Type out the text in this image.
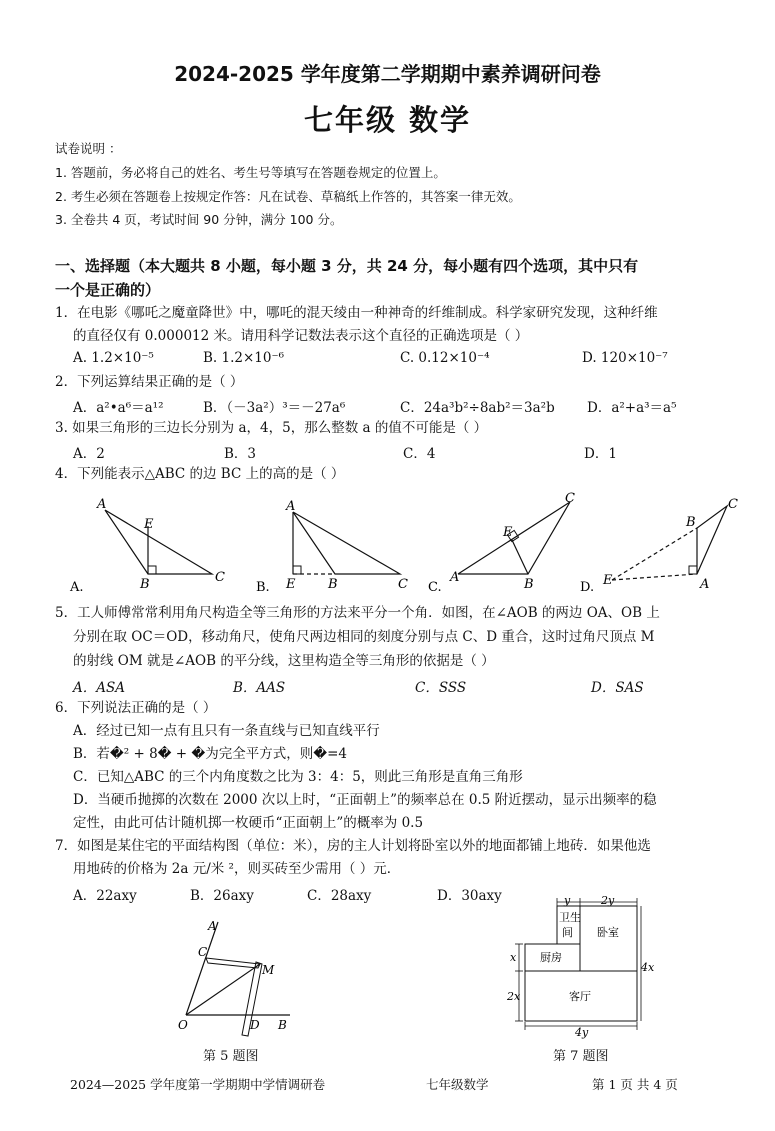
2024-2025 学年度第二学期期中素养调研问卷
七年级 数学
试卷说明 ：
1. 答题前，务必将自己的姓名、考生号等填写在答题卷规定的位置上。
2. 考生必须在答题卷上按规定作答：凡在试卷、草稿纸上作答的，其答案一律无效。
3. 全卷共 4 页，考试时间 90 分钟，满分 100 分。
一、选择题（本大题共 8 小题，每小题 3 分，共 24 分，每小题有四个选项，其中只有
一个是正确的）
1．在电影《哪吒之魔童降世》中，哪吒的混天绫由一种神奇的纤维制成。科学家研究发现，这种纤维
的直径仅有 0.000012 米。请用科学记数法表示这个直径的正确选项是（ ）
A. 1.2×10⁻⁵	B. 1.2×10⁻⁶	C. 0.12×10⁻⁴	D. 120×10⁻⁷
2．下列运算结果正确的是（ ）
A．a²•a⁶＝a¹²	B．（－3a²）³＝－27a⁶	C．24a³b²÷8ab²＝3a²b D．a²+a³＝a⁵
3. 如果三角形的三边长分别为 a，4，5，那么整数 a 的值不可能是（ ）
A．2	B．3	C．4	D．1
4．下列能表示△ABC 的边 BC 上的高的是（ ）
A
E
B	C
A.
A
E	B	C
B.
A
E
B
C
C.	E
B
A
C
D.
5．工人师傅常常利用角尺构造全等三角形的方法来平分一个角．如图，在∠AOB 的两边 OA、OB 上
分别在取 OC＝OD，移动角尺，使角尺两边相同的刻度分别与点 C、D 重合，这时过角尺顶点 M
的射线 OM 就是∠AOB 的平分线，这里构造全等三角形的依据是（ ）
A．ASA	B．AAS	C．SSS	D．SAS
6．下列说法正确的是（ ）
A．经过已知一点有且只有一条直线与已知直线平行
B．若�² + 8� + �为完全平方式，则�=4
C．已知△ABC 的三个内角度数之比为 3：4：5，则此三角形是直角三角形
D．当硬币抛掷的次数在 2000 次以上时，“正面朝上”的频率总在 0.5 附近摆动，显示出频率的稳
定性，由此可估计随机掷一枚硬币“正面朝上”的概率为 0.5
7．如图是某住宅的平面结构图（单位：米），房的主人计划将卧室以外的地面都铺上地砖．如果他选
用地砖的价格为 2a 元/米 ²，则买砖至少需用（ ）元．
A．22axy	B．26axy	C．28axy	D．30axy
A
C
M
O	D B
第 5 题图
y	2y
x
2x
4x
4y
卫生
间 卧室
厨房
客厅
第 7 题图
2024—2025 学年度第一学期期中学情调研卷	七年级数学	第 1 页 共 4 页
